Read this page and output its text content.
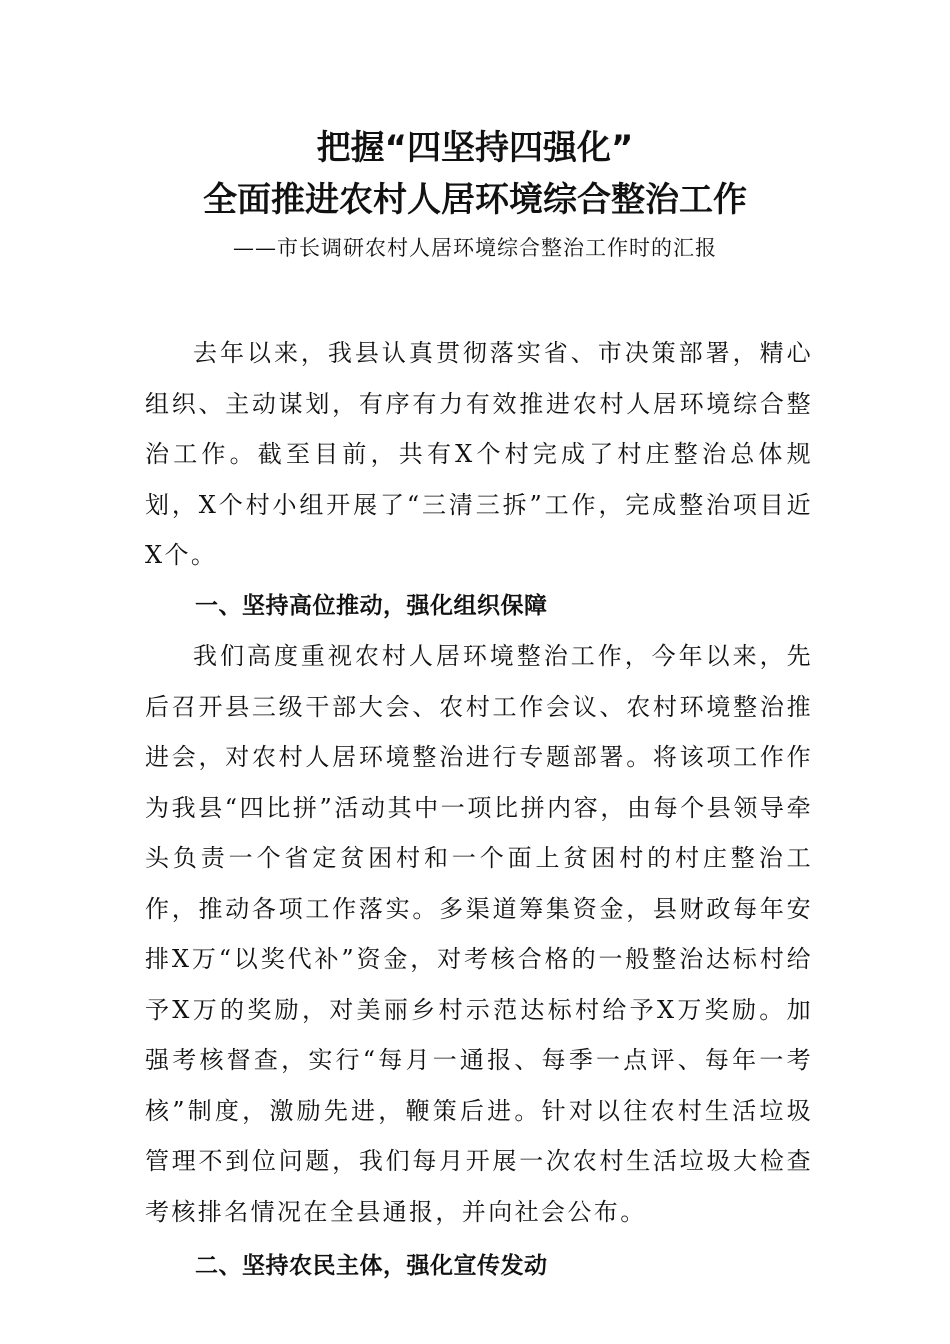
把握“四坚持四强化”
全面推进农村人居环境综合整治工作
——市长调研农村人居环境综合整治工作时的汇报

去年以来，我县认真贯彻落实省、市决策部署，精心组织、主动谋划，有序有力有效推进农村人居环境综合整治工作。截至目前，共有X个村完成了村庄整治总体规划，X个村小组开展了“三清三拆”工作，完成整治项目近X个。

一、坚持高位推动，强化组织保障

我们高度重视农村人居环境整治工作，今年以来，先后召开县三级干部大会、农村工作会议、农村环境整治推进会，对农村人居环境整治进行专题部署。将该项工作作为我县“四比拼”活动其中一项比拼内容，由每个县领导牵头负责一个省定贫困村和一个面上贫困村的村庄整治工作，推动各项工作落实。多渠道筹集资金，县财政每年安排X万“以奖代补”资金，对考核合格的一般整治达标村给予X万的奖励，对美丽乡村示范达标村给予X万奖励。加强考核督查，实行“每月一通报、每季一点评、每年一考核”制度，激励先进，鞭策后进。针对以往农村生活垃圾管理不到位问题，我们每月开展一次农村生活垃圾大检查考核排名情况在全县通报，并向社会公布。

二、坚持农民主体，强化宣传发动
